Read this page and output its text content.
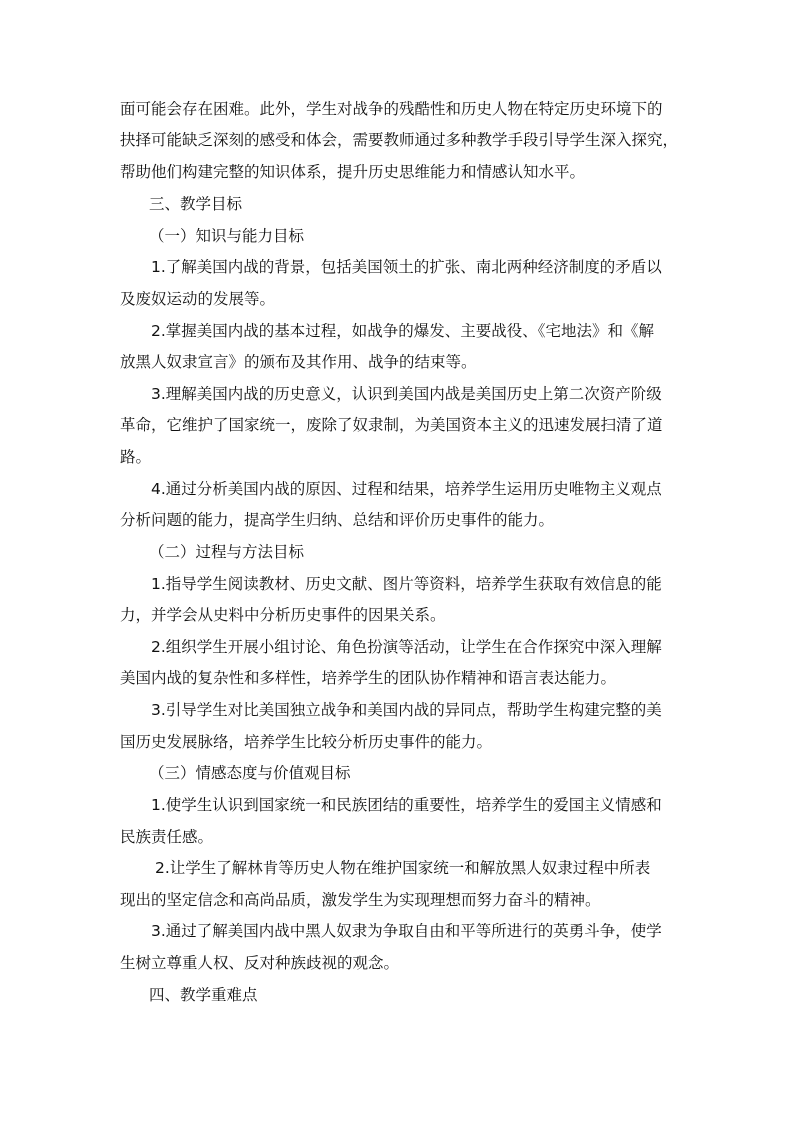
面可能会存在困难。此外，学生对战争的残酷性和历史人物在特定历史环境下的

抉择可能缺乏深刻的感受和体会，需要教师通过多种教学手段引导学生深入探究，

帮助他们构建完整的知识体系，提升历史思维能力和情感认知水平。

三、教学目标

（一）知识与能力目标

1.了解美国内战的背景，包括美国领土的扩张、南北两种经济制度的矛盾以

及废奴运动的发展等。

2.掌握美国内战的基本过程，如战争的爆发、主要战役、《宅地法》和《解

放黑人奴隶宣言》的颁布及其作用、战争的结束等。

3.理解美国内战的历史意义，认识到美国内战是美国历史上第二次资产阶级

革命，它维护了国家统一，废除了奴隶制，为美国资本主义的迅速发展扫清了道

路。

4.通过分析美国内战的原因、过程和结果，培养学生运用历史唯物主义观点

分析问题的能力，提高学生归纳、总结和评价历史事件的能力。

（二）过程与方法目标

1.指导学生阅读教材、历史文献、图片等资料，培养学生获取有效信息的能

力，并学会从史料中分析历史事件的因果关系。

2.组织学生开展小组讨论、角色扮演等活动，让学生在合作探究中深入理解

美国内战的复杂性和多样性，培养学生的团队协作精神和语言表达能力。

3.引导学生对比美国独立战争和美国内战的异同点，帮助学生构建完整的美

国历史发展脉络，培养学生比较分析历史事件的能力。

（三）情感态度与价值观目标

1.使学生认识到国家统一和民族团结的重要性，培养学生的爱国主义情感和

民族责任感。

2.让学生了解林肯等历史人物在维护国家统一和解放黑人奴隶过程中所表

现出的坚定信念和高尚品质，激发学生为实现理想而努力奋斗的精神。

3.通过了解美国内战中黑人奴隶为争取自由和平等所进行的英勇斗争，使学

生树立尊重人权、反对种族歧视的观念。

四、教学重难点
